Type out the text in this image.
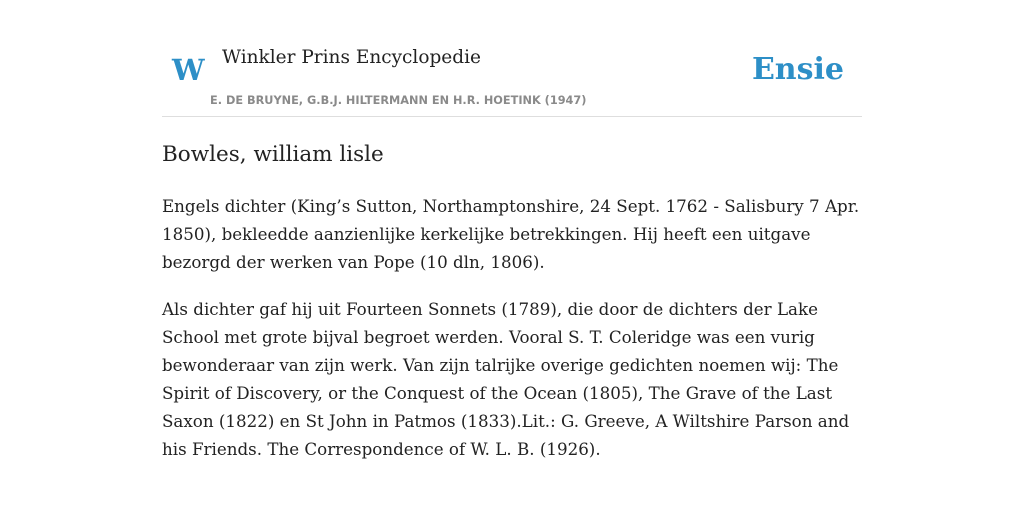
W Winkler Prins Encyclopedie
E. DE BRUYNE, G.B.J. HILTERMANN EN H.R. HOETINK (1947)
Ensie
Bowles, william lisle

Engels dichter (King’s Sutton, Northamptonshire, 24 Sept. 1762 - Salisbury 7 Apr. 1850), bekleedde aanzienlijke kerkelijke betrekkingen. Hij heeft een uitgave bezorgd der werken van Pope (10 dln, 1806).

Als dichter gaf hij uit Fourteen Sonnets (1789), die door de dichters der Lake School met grote bijval begroet werden. Vooral S. T. Coleridge was een vurig bewonderaar van zijn werk. Van zijn talrijke overige gedichten noemen wij: The Spirit of Discovery, or the Conquest of the Ocean (1805), The Grave of the Last Saxon (1822) en St John in Patmos (1833).Lit.: G. Greeve, A Wiltshire Parson and his Friends. The Correspondence of W. L. B. (1926).
